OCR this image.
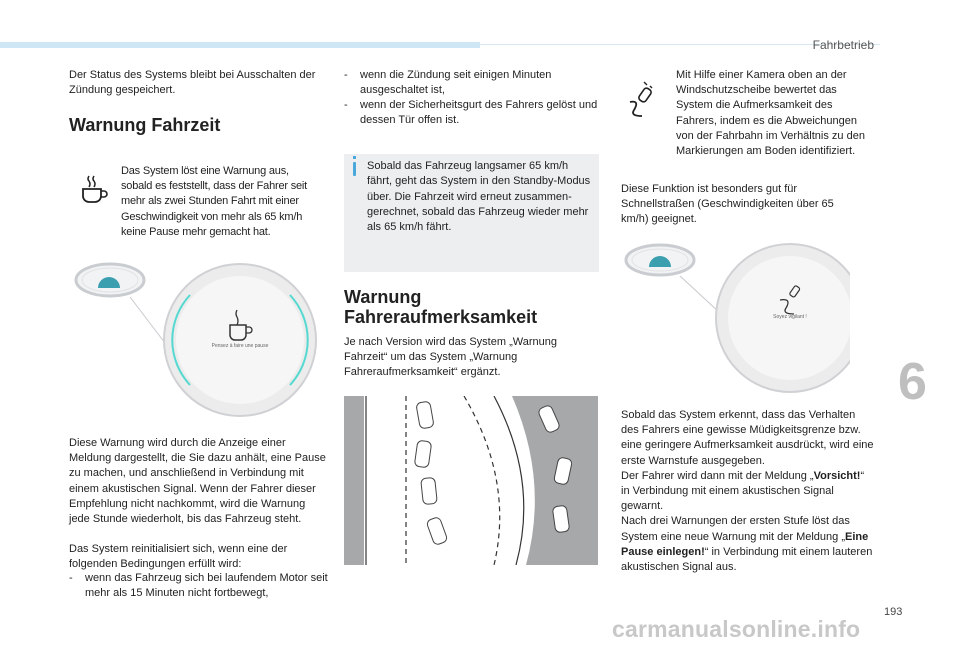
Fahrbetrieb
6

Der Status des Systems bleibt bei Ausschalten der Zündung gespeichert.

Warnung Fahrzeit

Das System löst eine Warnung aus, sobald es feststellt, dass der Fahrer seit mehr als zwei Stunden Fahrt mit einer Geschwindigkeit von mehr als 65 km/h keine Pause mehr gemacht hat.

Pensez à faire une pause

Diese Warnung wird durch die Anzeige einer Meldung dargestellt, die Sie dazu anhält, eine Pause zu machen, und anschließend in Verbindung mit einem akustischen Signal. Wenn der Fahrer dieser Empfehlung nicht nachkommt, wird die Warnung jede Stunde wiederholt, bis das Fahrzeug steht.

Das System reinitialisiert sich, wenn eine der folgenden Bedingungen erfüllt wird:

-	wenn das Fahrzeug sich bei laufendem Motor seit mehr als 15 Minuten nicht fortbewegt,
-	wenn die Zündung seit einigen Minuten ausgeschaltet ist,
-	wenn der Sicherheitsgurt des Fahrers gelöst und dessen Tür offen ist.

Sobald das Fahrzeug langsamer 65 km/h fährt, geht das System in den Standby-Modus über. Die Fahrzeit wird erneut zusammengerechnet, sobald das Fahrzeug wieder mehr als 65 km/h fährt.

Warnung
Fahreraufmerksamkeit

Je nach Version wird das System „Warnung Fahrzeit“ um das System „Warnung Fahreraufmerksamkeit“ ergänzt.

Mit Hilfe einer Kamera oben an der Windschutzscheibe bewertet das System die Aufmerksamkeit des Fahrers, indem es die Abweichungen von der Fahrbahn im Verhältnis zu den Markierungen am Boden identifiziert.

Diese Funktion ist besonders gut für Schnellstraßen (Geschwindigkeiten über 65 km/h) geeignet.

Soyez vigilant !
Sobald das System erkennt, dass das Verhalten des Fahrers eine gewisse Müdigkeitsgrenze bzw. eine geringere Aufmerksamkeit ausdrückt, wird eine erste Warnstufe ausgegeben.
Der Fahrer wird dann mit der Meldung „Vorsicht!“ in Verbindung mit einem akustischen Signal gewarnt.
Nach drei Warnungen der ersten Stufe löst das System eine neue Warnung mit der Meldung „Eine Pause einlegen!“ in Verbindung mit einem lauteren akustischen Signal aus.
193
carmanualsonline.info
